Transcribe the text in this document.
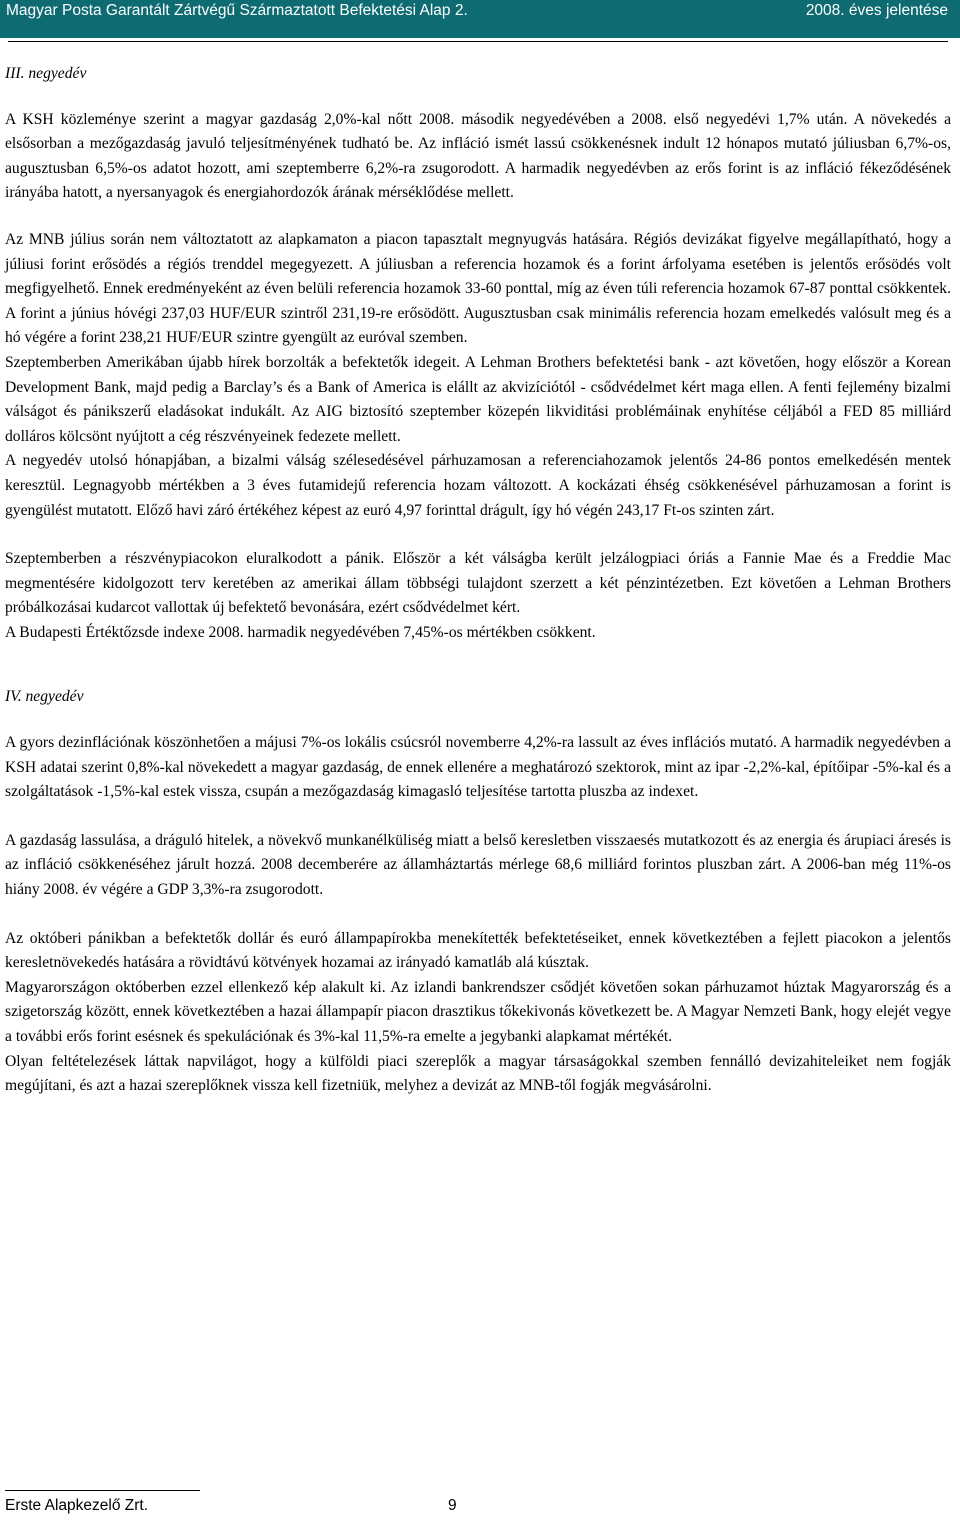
Magyar Posta Garantált Zártvégű Származtatott Befektetési Alap 2.	2008. éves jelentése
III. negyedév

A KSH közleménye szerint a magyar gazdaság 2,0%-kal nőtt 2008. második negyedévében a 2008. első negyedévi 1,7% után. A növekedés a elsősorban a mezőgazdaság javuló teljesítményének tudható be. Az infláció ismét lassú csökkenésnek indult 12 hónapos mutató júliusban 6,7%-os, augusztusban 6,5%-os adatot hozott, ami szeptemberre 6,2%-ra zsugorodott. A harmadik negyedévben az erős forint is az infláció fékeződésének irányába hatott, a nyersanyagok és energiahordozók árának mérséklődése mellett.

Az MNB július során nem változtatott az alapkamaton a piacon tapasztalt megnyugvás hatására. Régiós devizákat figyelve megállapítható, hogy a júliusi forint erősödés a régiós trenddel megegyezett. A júliusban a referencia hozamok és a forint árfolyama esetében is jelentős erősödés volt megfigyelhető. Ennek eredményeként az éven belüli referencia hozamok 33-60 ponttal, míg az éven túli referencia hozamok 67-87 ponttal csökkentek. A forint a június hóvégi 237,03 HUF/EUR szintről 231,19-re erősödött. Augusztusban csak minimális referencia hozam emelkedés valósult meg és a hó végére a forint 238,21 HUF/EUR szintre gyengült az euróval szemben.

Szeptemberben Amerikában újabb hírek borzolták a befektetők idegeit. A Lehman Brothers befektetési bank - azt követően, hogy először a Korean Development Bank, majd pedig a Barclay’s és a Bank of America is elállt az akvizíciótól - csődvédelmet kért maga ellen. A fenti fejlemény bizalmi válságot és pánikszerű eladásokat indukált. Az AIG biztosító szeptember közepén likviditási problémáinak enyhítése céljából a FED 85 milliárd dolláros kölcsönt nyújtott a cég részvényeinek fedezete mellett.

A negyedév utolsó hónapjában, a bizalmi válság szélesedésével párhuzamosan a referenciahozamok jelentős 24-86 pontos emelkedésén mentek keresztül. Legnagyobb mértékben a 3 éves futamidejű referencia hozam változott. A kockázati éhség csökkenésével párhuzamosan a forint is gyengülést mutatott. Előző havi záró értékéhez képest az euró 4,97 forinttal drágult, így hó végén 243,17 Ft-os szinten zárt.

Szeptemberben a részvénypiacokon eluralkodott a pánik. Először a két válságba került jelzálogpiaci óriás a Fannie Mae és a Freddie Mac megmentésére kidolgozott terv keretében az amerikai állam többségi tulajdont szerzett a két pénzintézetben. Ezt követően a Lehman Brothers próbálkozásai kudarcot vallottak új befektető bevonására, ezért csődvédelmet kért.

A Budapesti Értéktőzsde indexe 2008. harmadik negyedévében 7,45%-os mértékben csökkent.

IV. negyedév

A gyors dezinflációnak köszönhetően a májusi 7%-os lokális csúcsról novemberre 4,2%-ra lassult az éves inflációs mutató. A harmadik negyedévben a KSH adatai szerint 0,8%-kal növekedett a magyar gazdaság, de ennek ellenére a meghatározó szektorok, mint az ipar -2,2%-kal, építőipar -5%-kal és a szolgáltatások -1,5%-kal estek vissza, csupán a mezőgazdaság kimagasló teljesítése tartotta pluszba az indexet.

A gazdaság lassulása, a dráguló hitelek, a növekvő munkanélküliség miatt a belső keresletben visszaesés mutatkozott és az energia és árupiaci áresés is az infláció csökkenéséhez járult hozzá. 2008 decemberére az államháztartás mérlege 68,6 milliárd forintos pluszban zárt. A 2006-ban még 11%-os hiány 2008. év végére a GDP 3,3%-ra zsugorodott.

Az októberi pánikban a befektetők dollár és euró állampapírokba menekítették befektetéseiket, ennek következtében a fejlett piacokon a jelentős keresletnövekedés hatására a rövidtávú kötvények hozamai az irányadó kamatláb alá kúsztak.

Magyarországon októberben ezzel ellenkező kép alakult ki. Az izlandi bankrendszer csődjét követően sokan párhuzamot húztak Magyarország és a szigetország között, ennek következtében a hazai állampapír piacon drasztikus tőkekivonás következett be. A Magyar Nemzeti Bank, hogy elejét vegye a további erős forint esésnek és spekulációnak és 3%-kal 11,5%-ra emelte a jegybanki alapkamat mértékét.

Olyan feltételezések láttak napvilágot, hogy a külföldi piaci szereplők a magyar társaságokkal szemben fennálló devizahiteleiket nem fogják megújítani, és azt a hazai szereplőknek vissza kell fizetniük, melyhez a devizát az MNB-től fogják megvásárolni.

Erste Alapkezelő Zrt.	9
